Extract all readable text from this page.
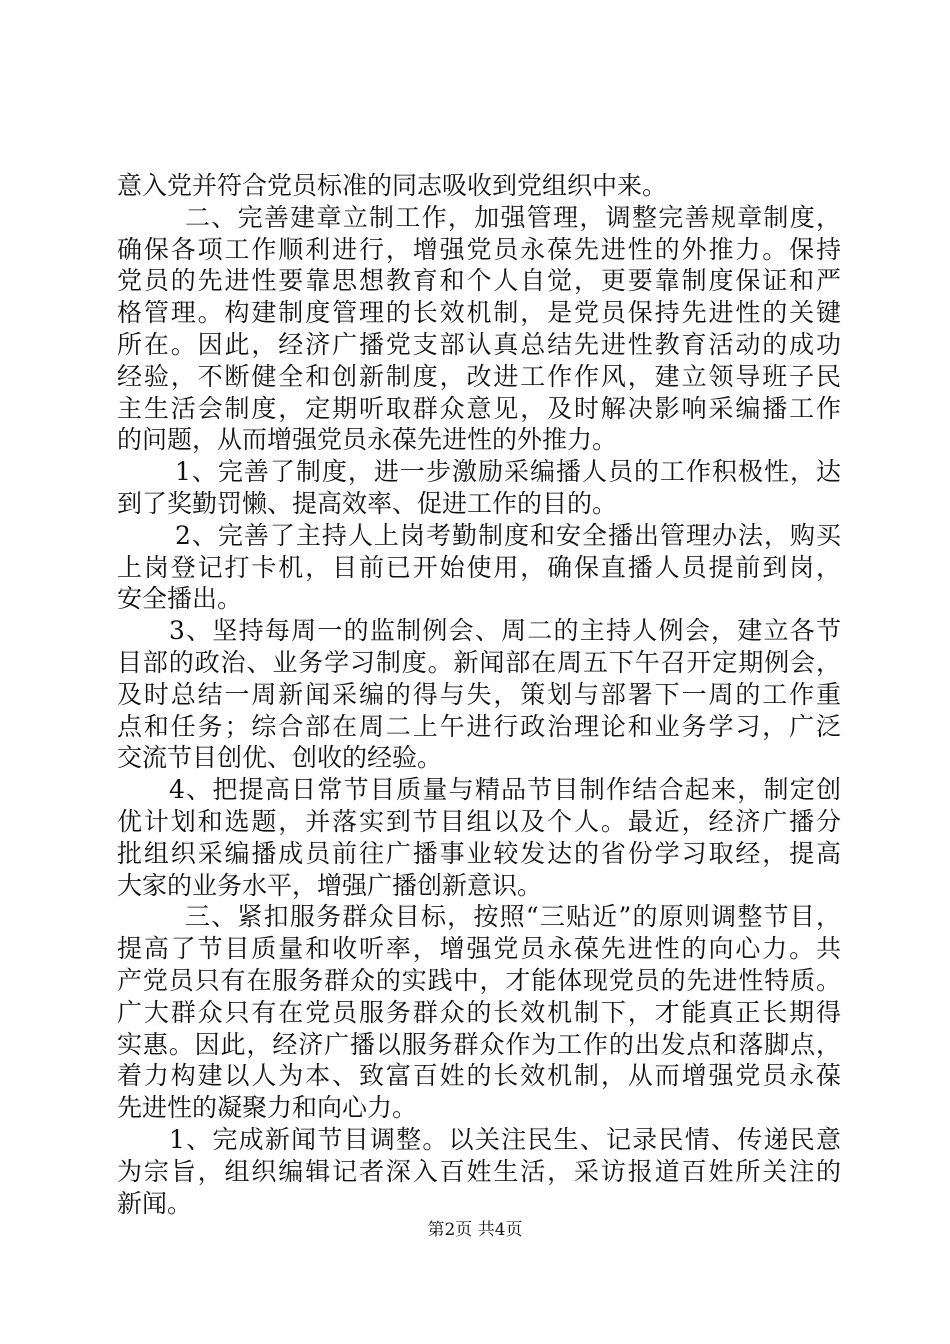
意入党并符合党员标准的同志吸收到党组织中来。
二、完善建章立制工作，加强管理，调整完善规章制度，
确保各项工作顺利进行，增强党员永葆先进性的外推力。保持
党员的先进性要靠思想教育和个人自觉，更要靠制度保证和严
格管理。构建制度管理的长效机制，是党员保持先进性的关键
所在。因此，经济广播党支部认真总结先进性教育活动的成功
经验，不断健全和创新制度，改进工作作风，建立领导班子民
主生活会制度，定期听取群众意见，及时解决影响采编播工作
的问题，从而增强党员永葆先进性的外推力。
1、完善了制度，进一步激励采编播人员的工作积极性，达
到了奖勤罚懒、提高效率、促进工作的目的。
2、完善了主持人上岗考勤制度和安全播出管理办法，购买
上岗登记打卡机，目前已开始使用，确保直播人员提前到岗，
安全播出。
3、坚持每周一的监制例会、周二的主持人例会，建立各节
目部的政治、业务学习制度。新闻部在周五下午召开定期例会，
及时总结一周新闻采编的得与失，策划与部署下一周的工作重
点和任务；综合部在周二上午进行政治理论和业务学习，广泛
交流节目创优、创收的经验。
4、把提高日常节目质量与精品节目制作结合起来，制定创
优计划和选题，并落实到节目组以及个人。最近，经济广播分
批组织采编播成员前往广播事业较发达的省份学习取经，提高
大家的业务水平，增强广播创新意识。
三、紧扣服务群众目标，按照“三贴近”的原则调整节目，
提高了节目质量和收听率，增强党员永葆先进性的向心力。共
产党员只有在服务群众的实践中，才能体现党员的先进性特质。
广大群众只有在党员服务群众的长效机制下，才能真正长期得
实惠。因此，经济广播以服务群众作为工作的出发点和落脚点，
着力构建以人为本、致富百姓的长效机制，从而增强党员永葆
先进性的凝聚力和向心力。
1、完成新闻节目调整。以关注民生、记录民情、传递民意
为宗旨，组织编辑记者深入百姓生活，采访报道百姓所关注的
新闻。
第2页 共4页
